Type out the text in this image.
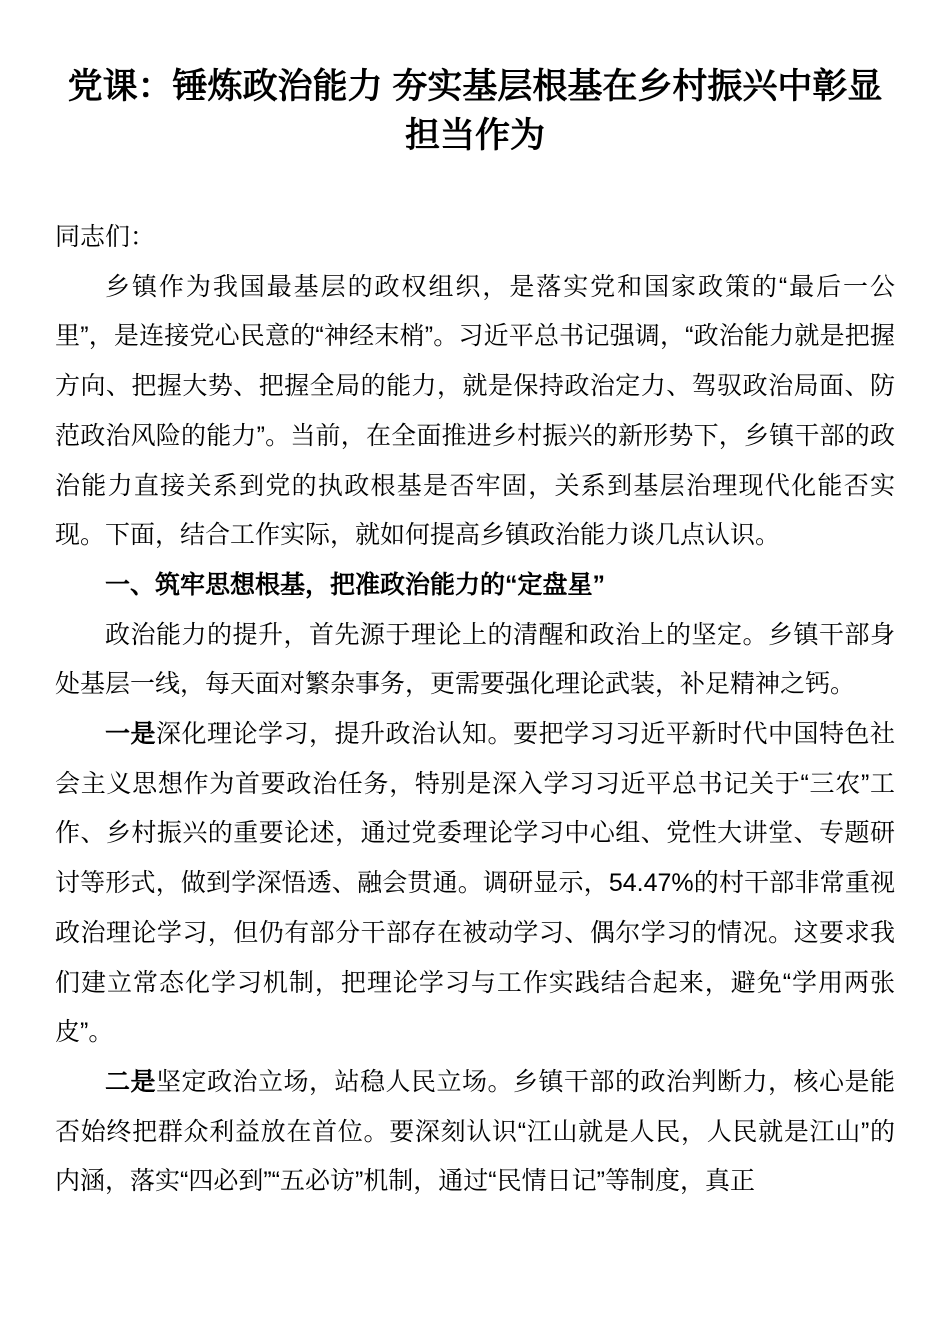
党课：锤炼政治能力 夯实基层根基在乡村振兴中彰显
担当作为

同志们：

乡镇作为我国最基层的政权组织，是落实党和国家政策的“最后一公里”，是连接党心民意的“神经末梢”。习近平总书记强调，“政治能力就是把握方向、把握大势、把握全局的能力，就是保持政治定力、驾驭政治局面、防范政治风险的能力”。当前，在全面推进乡村振兴的新形势下，乡镇干部的政治能力直接关系到党的执政根基是否牢固，关系到基层治理现代化能否实现。下面，结合工作实际，就如何提高乡镇政治能力谈几点认识。

一、筑牢思想根基，把准政治能力的“定盘星”

政治能力的提升，首先源于理论上的清醒和政治上的坚定。乡镇干部身处基层一线，每天面对繁杂事务，更需要强化理论武装，补足精神之钙。

一是深化理论学习，提升政治认知。要把学习习近平新时代中国特色社会主义思想作为首要政治任务，特别是深入学习习近平总书记关于“三农”工作、乡村振兴的重要论述，通过党委理论学习中心组、党性大讲堂、专题研讨等形式，做到学深悟透、融会贯通。调研显示，54.47%的村干部非常重视政治理论学习，但仍有部分干部存在被动学习、偶尔学习的情况。这要求我们建立常态化学习机制，把理论学习与工作实践结合起来，避免“学用两张皮”。

二是坚定政治立场，站稳人民立场。乡镇干部的政治判断力，核心是能否始终把群众利益放在首位。要深刻认识“江山就是人民，人民就是江山”的内涵，落实“四必到”“五必访”机制，通过“民情日记”等制度，真正
